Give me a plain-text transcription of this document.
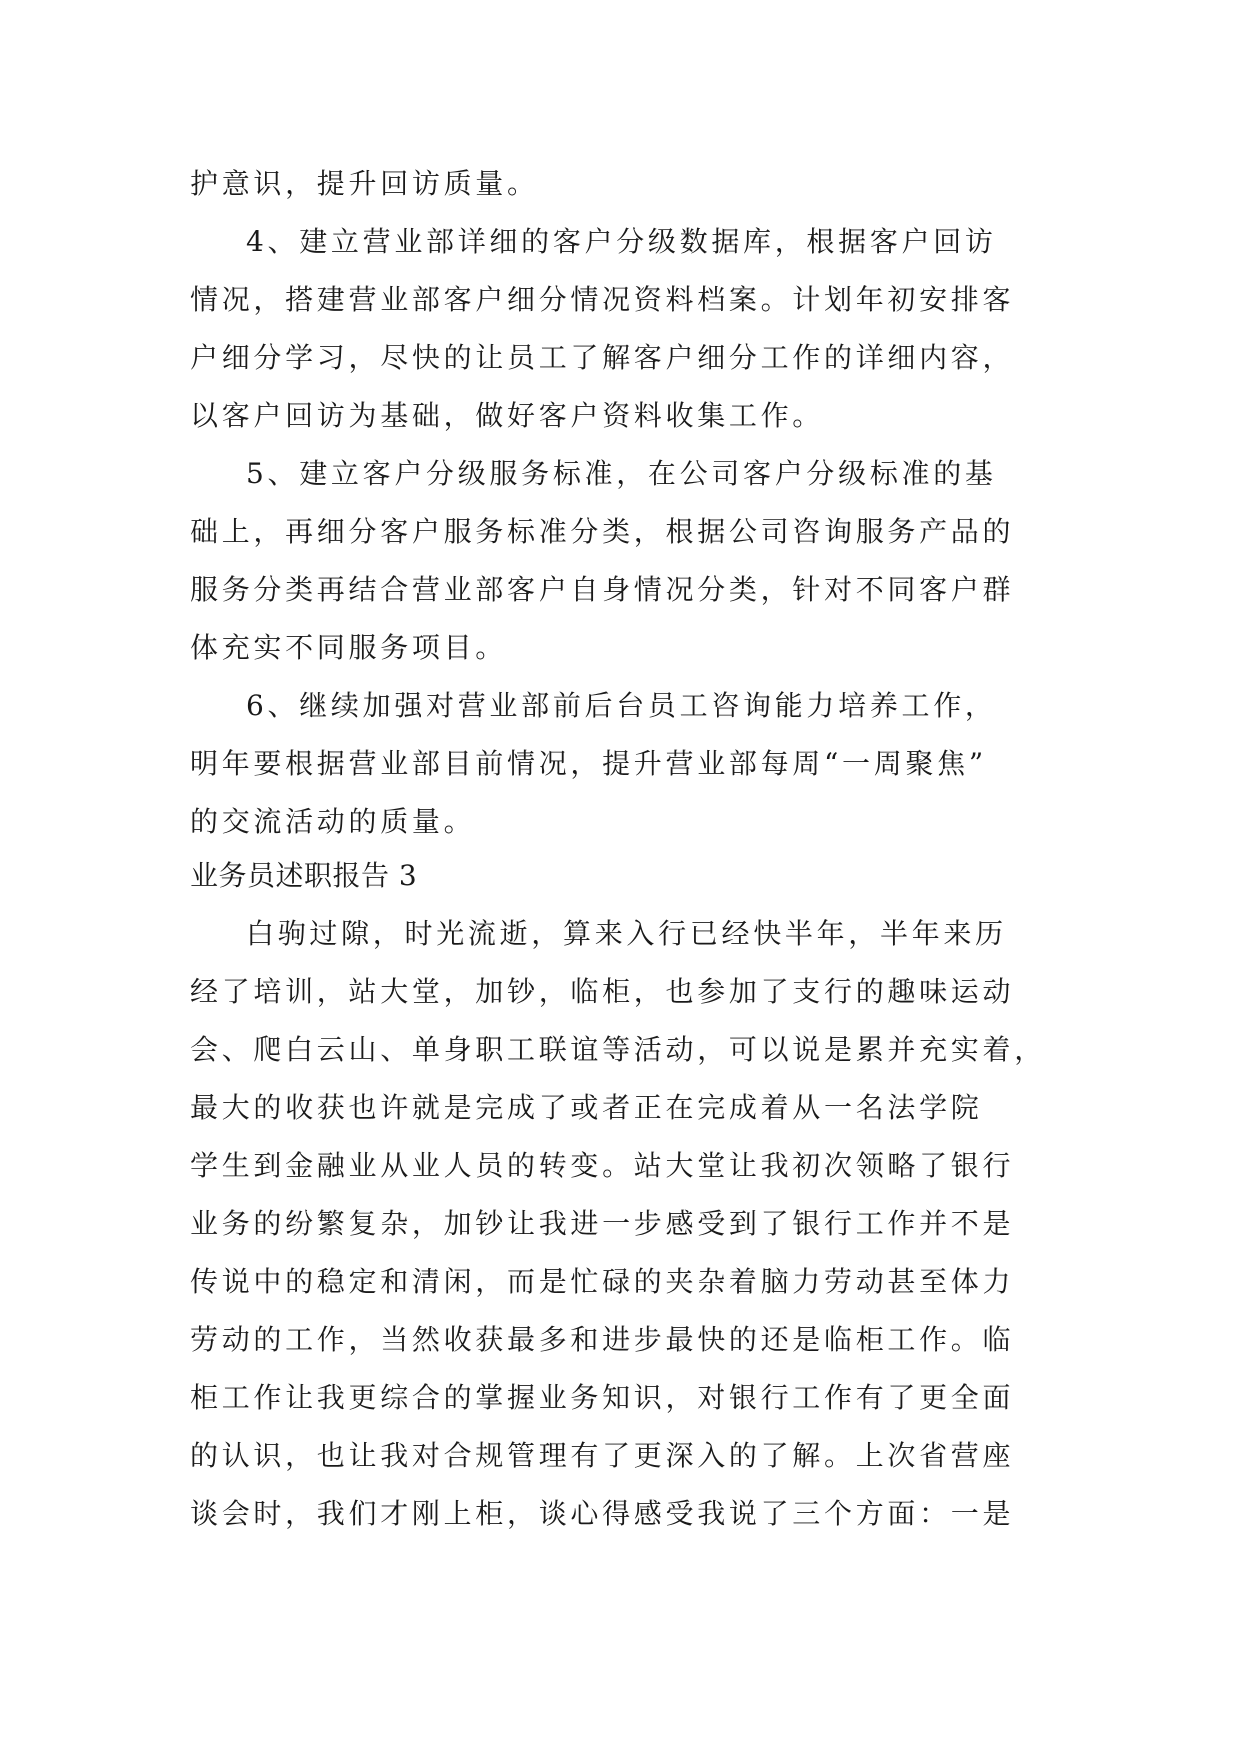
护意识，提升回访质量。
4、建立营业部详细的客户分级数据库，根据客户回访
情况，搭建营业部客户细分情况资料档案。计划年初安排客
户细分学习，尽快的让员工了解客户细分工作的详细内容，
以客户回访为基础，做好客户资料收集工作。
5、建立客户分级服务标准，在公司客户分级标准的基
础上，再细分客户服务标准分类，根据公司咨询服务产品的
服务分类再结合营业部客户自身情况分类，针对不同客户群
体充实不同服务项目。
6、继续加强对营业部前后台员工咨询能力培养工作，
明年要根据营业部目前情况，提升营业部每周“一周聚焦”
的交流活动的质量。
业务员述职报告 3
白驹过隙，时光流逝，算来入行已经快半年，半年来历
经了培训，站大堂，加钞，临柜，也参加了支行的趣味运动
会、爬白云山、单身职工联谊等活动，可以说是累并充实着，
最大的收获也许就是完成了或者正在完成着从一名法学院
学生到金融业从业人员的转变。站大堂让我初次领略了银行
业务的纷繁复杂，加钞让我进一步感受到了银行工作并不是
传说中的稳定和清闲，而是忙碌的夹杂着脑力劳动甚至体力
劳动的工作，当然收获最多和进步最快的还是临柜工作。临
柜工作让我更综合的掌握业务知识，对银行工作有了更全面
的认识，也让我对合规管理有了更深入的了解。上次省营座
谈会时，我们才刚上柜，谈心得感受我说了三个方面：一是
